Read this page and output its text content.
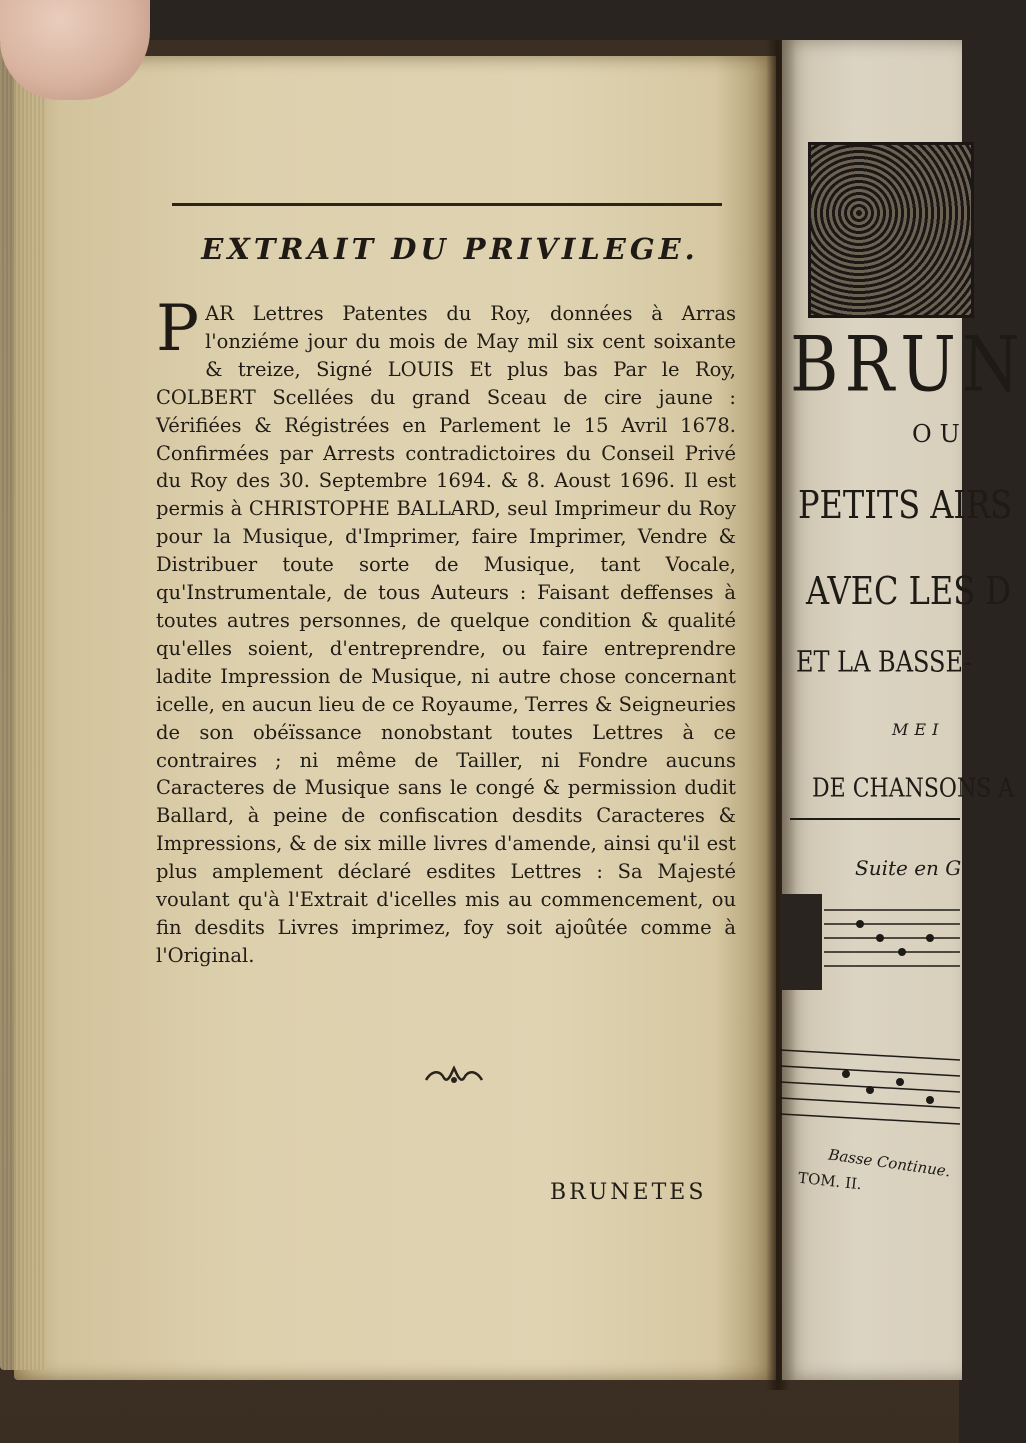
EXTRAIT DU PRIVILEGE.
PAR Lettres Patentes du Roy, données à Arras l'onziéme jour du mois de May mil six cent soixante & treize, Signé LOUIS Et plus bas Par le Roy, COLBERT Scellées du grand Sceau de cire jaune : Vérifiées & Régistrées en Parlement le 15 Avril 1678. Confirmées par Arrests contradictoires du Conseil Privé du Roy des 30. Septembre 1694. & 8. Aoust 1696. Il est permis à CHRISTOPHE BALLARD, seul Imprimeur du Roy pour la Musique, d'Imprimer, faire Imprimer, Vendre & Distribuer toute sorte de Musique, tant Vocale, qu'Instrumentale, de tous Auteurs : Faisant deffenses à toutes autres personnes, de quelque condition & qualité qu'elles soient, d'entreprendre, ou faire entreprendre ladite Impression de Musique, ni autre chose concernant icelle, en aucun lieu de ce Royaume, Terres & Seigneuries de son obéïssance nonobstant toutes Lettres à ce contraires ; ni même de Tailler, ni Fondre aucuns Caracteres de Musique sans le congé & permission dudit Ballard, à peine de confiscation desdits Caracteres & Impressions, & de six mille livres d'amende, ainsi qu'il est plus amplement déclaré esdites Lettres : Sa Majesté voulant qu'à l'Extrait d'icelles mis au commencement, ou fin desdits Livres imprimez, foy soit ajoûtée comme à l'Original.

BRUNETES

BRUN

OU

PETITS AIRS

AVEC LES D

ET LA BASSE-

MEI

DE CHANSONS A

Suite en G

Basse Continue.

TOM. II.
